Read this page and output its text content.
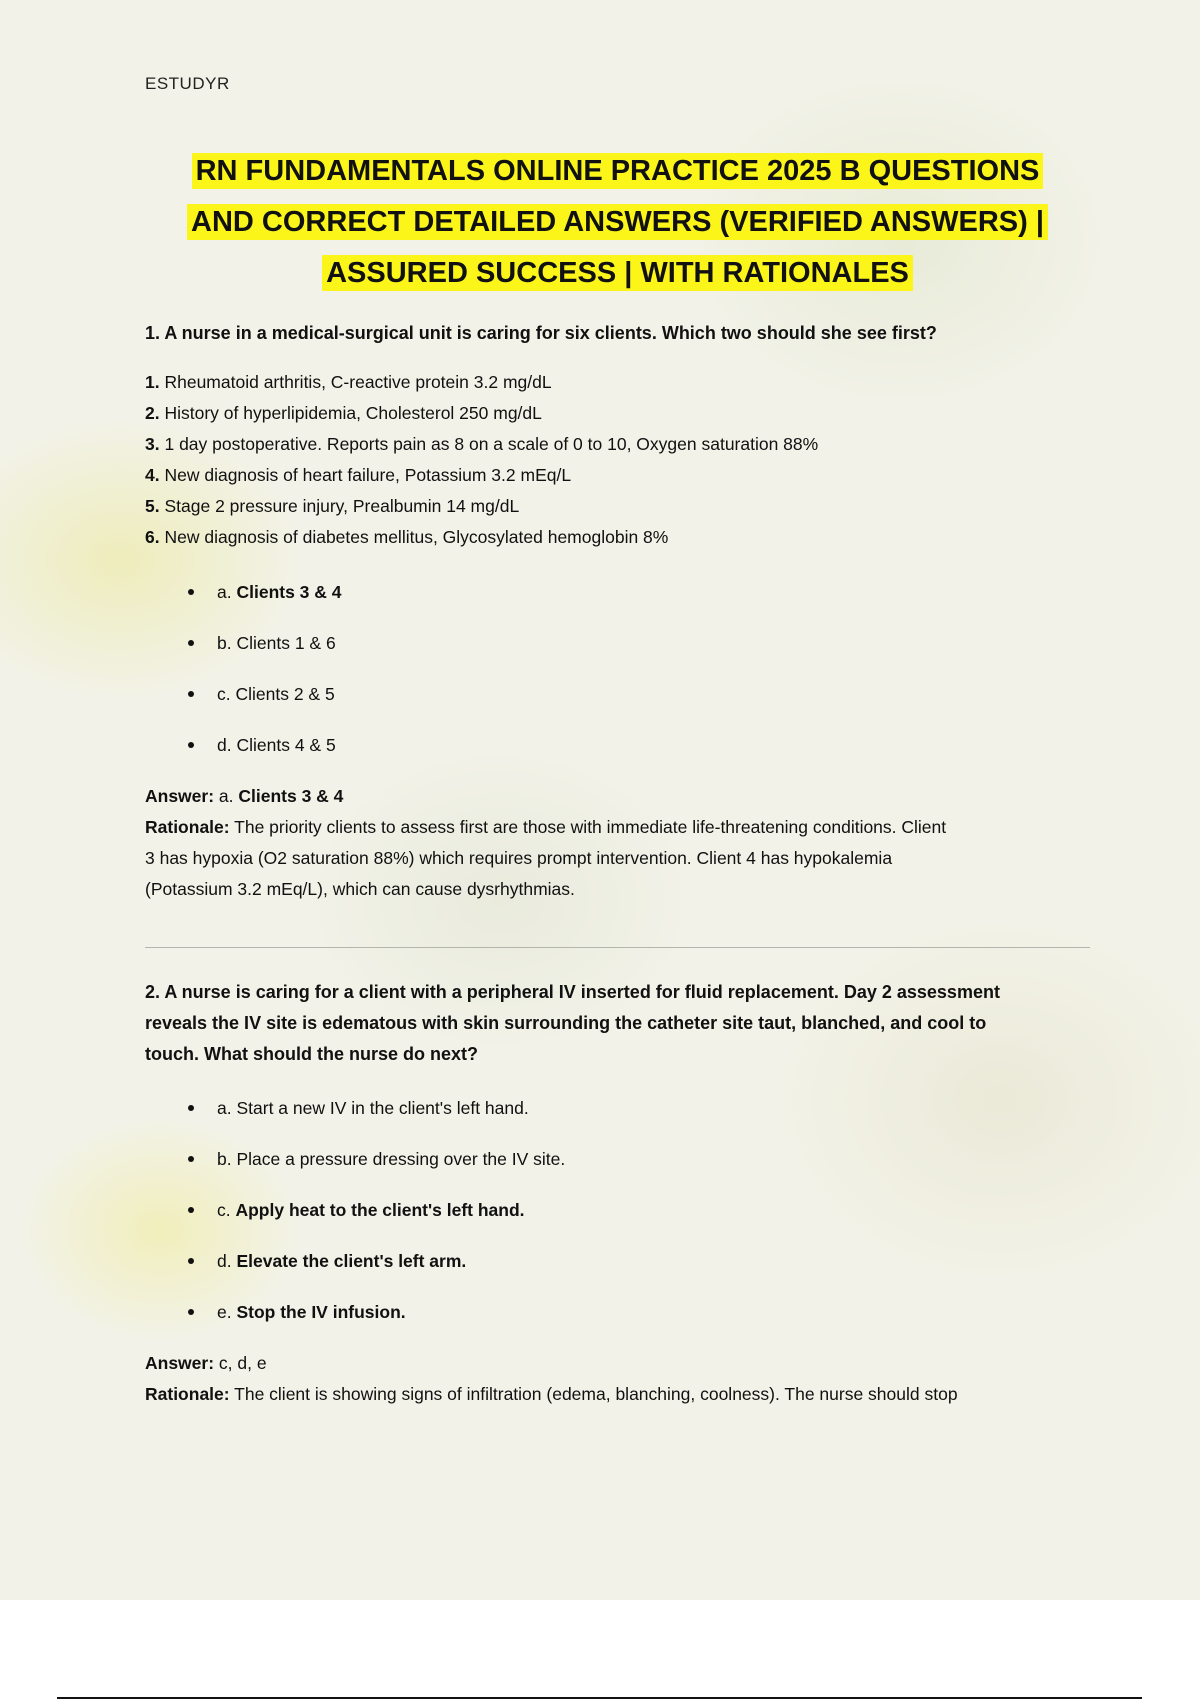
ESTUDYR
RN FUNDAMENTALS ONLINE PRACTICE 2025 B QUESTIONS
AND CORRECT DETAILED ANSWERS (VERIFIED ANSWERS) |
ASSURED SUCCESS | WITH RATIONALES
1. A nurse in a medical-surgical unit is caring for six clients. Which two should she see first?
1. Rheumatoid arthritis, C-reactive protein 3.2 mg/dL
2. History of hyperlipidemia, Cholesterol 250 mg/dL
3. 1 day postoperative. Reports pain as 8 on a scale of 0 to 10, Oxygen saturation 88%
4. New diagnosis of heart failure, Potassium 3.2 mEq/L
5. Stage 2 pressure injury, Prealbumin 14 mg/dL
6. New diagnosis of diabetes mellitus, Glycosylated hemoglobin 8%
a. Clients 3 & 4
b. Clients 1 & 6
c. Clients 2 & 5
d. Clients 4 & 5
Answer: a. Clients 3 & 4
Rationale: The priority clients to assess first are those with immediate life-threatening conditions. Client
3 has hypoxia (O2 saturation 88%) which requires prompt intervention. Client 4 has hypokalemia
(Potassium 3.2 mEq/L), which can cause dysrhythmias.
2. A nurse is caring for a client with a peripheral IV inserted for fluid replacement. Day 2 assessment
reveals the IV site is edematous with skin surrounding the catheter site taut, blanched, and cool to
touch. What should the nurse do next?
a. Start a new IV in the client's left hand.
b. Place a pressure dressing over the IV site.
c. Apply heat to the client's left hand.
d. Elevate the client's left arm.
e. Stop the IV infusion.
Answer: c, d, e
Rationale: The client is showing signs of infiltration (edema, blanching, coolness). The nurse should stop
